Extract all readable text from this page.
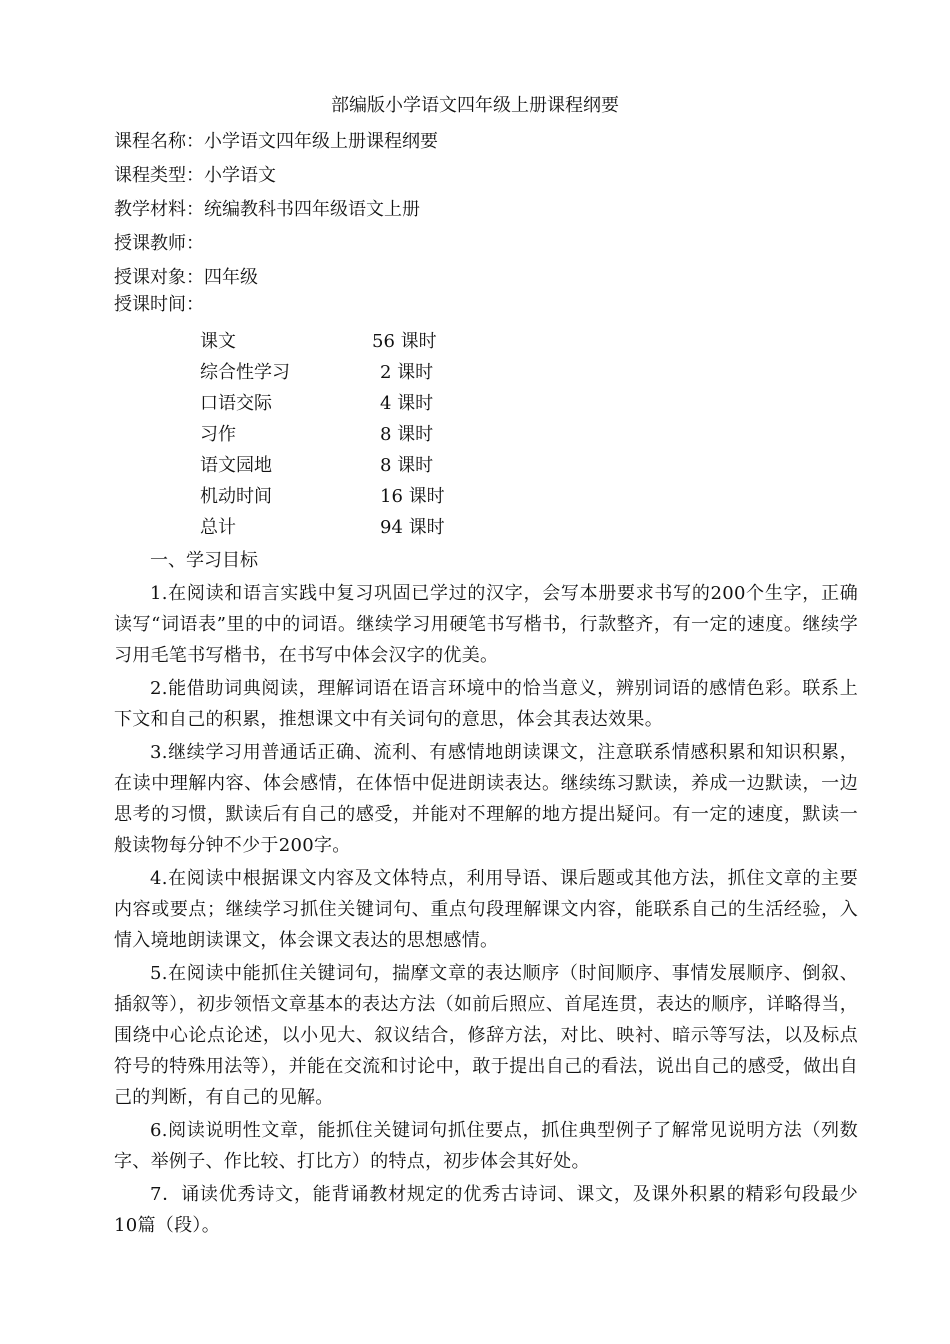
部编版小学语文四年级上册课程纲要
课程名称：小学语文四年级上册课程纲要
课程类型：小学语文
教学材料：统编教科书四年级语文上册
授课教师：
授课对象：四年级
授课时间：
课文	56 课时
综合性学习	2 课时
口语交际	4 课时
习作	8 课时
语文园地	8 课时
机动时间	16 课时
总计	94 课时
一、学习目标

1.在阅读和语言实践中复习巩固已学过的汉字，会写本册要求书写的200个生字，正确读写“词语表”里的中的词语。继续学习用硬笔书写楷书，行款整齐，有一定的速度。继续学习用毛笔书写楷书，在书写中体会汉字的优美。

2.能借助词典阅读，理解词语在语言环境中的恰当意义，辨别词语的感情色彩。联系上下文和自己的积累，推想课文中有关词句的意思，体会其表达效果。

3.继续学习用普通话正确、流利、有感情地朗读课文，注意联系情感积累和知识积累，在读中理解内容、体会感情，在体悟中促进朗读表达。继续练习默读，养成一边默读，一边思考的习惯，默读后有自己的感受，并能对不理解的地方提出疑问。有一定的速度，默读一般读物每分钟不少于200字。

4.在阅读中根据课文内容及文体特点，利用导语、课后题或其他方法，抓住文章的主要内容或要点；继续学习抓住关键词句、重点句段理解课文内容，能联系自己的生活经验，入情入境地朗读课文，体会课文表达的思想感情。

5.在阅读中能抓住关键词句，揣摩文章的表达顺序（时间顺序、事情发展顺序、倒叙、插叙等），初步领悟文章基本的表达方法（如前后照应、首尾连贯，表达的顺序，详略得当，围绕中心论点论述，以小见大、叙议结合，修辞方法，对比、映衬、暗示等写法，以及标点符号的特殊用法等），并能在交流和讨论中，敢于提出自己的看法，说出自己的感受，做出自己的判断，有自己的见解。

6.阅读说明性文章，能抓住关键词句抓住要点，抓住典型例子了解常见说明方法（列数字、举例子、作比较、打比方）的特点，初步体会其好处。

7．诵读优秀诗文，能背诵教材规定的优秀古诗词、课文，及课外积累的精彩句段最少10篇（段）。
